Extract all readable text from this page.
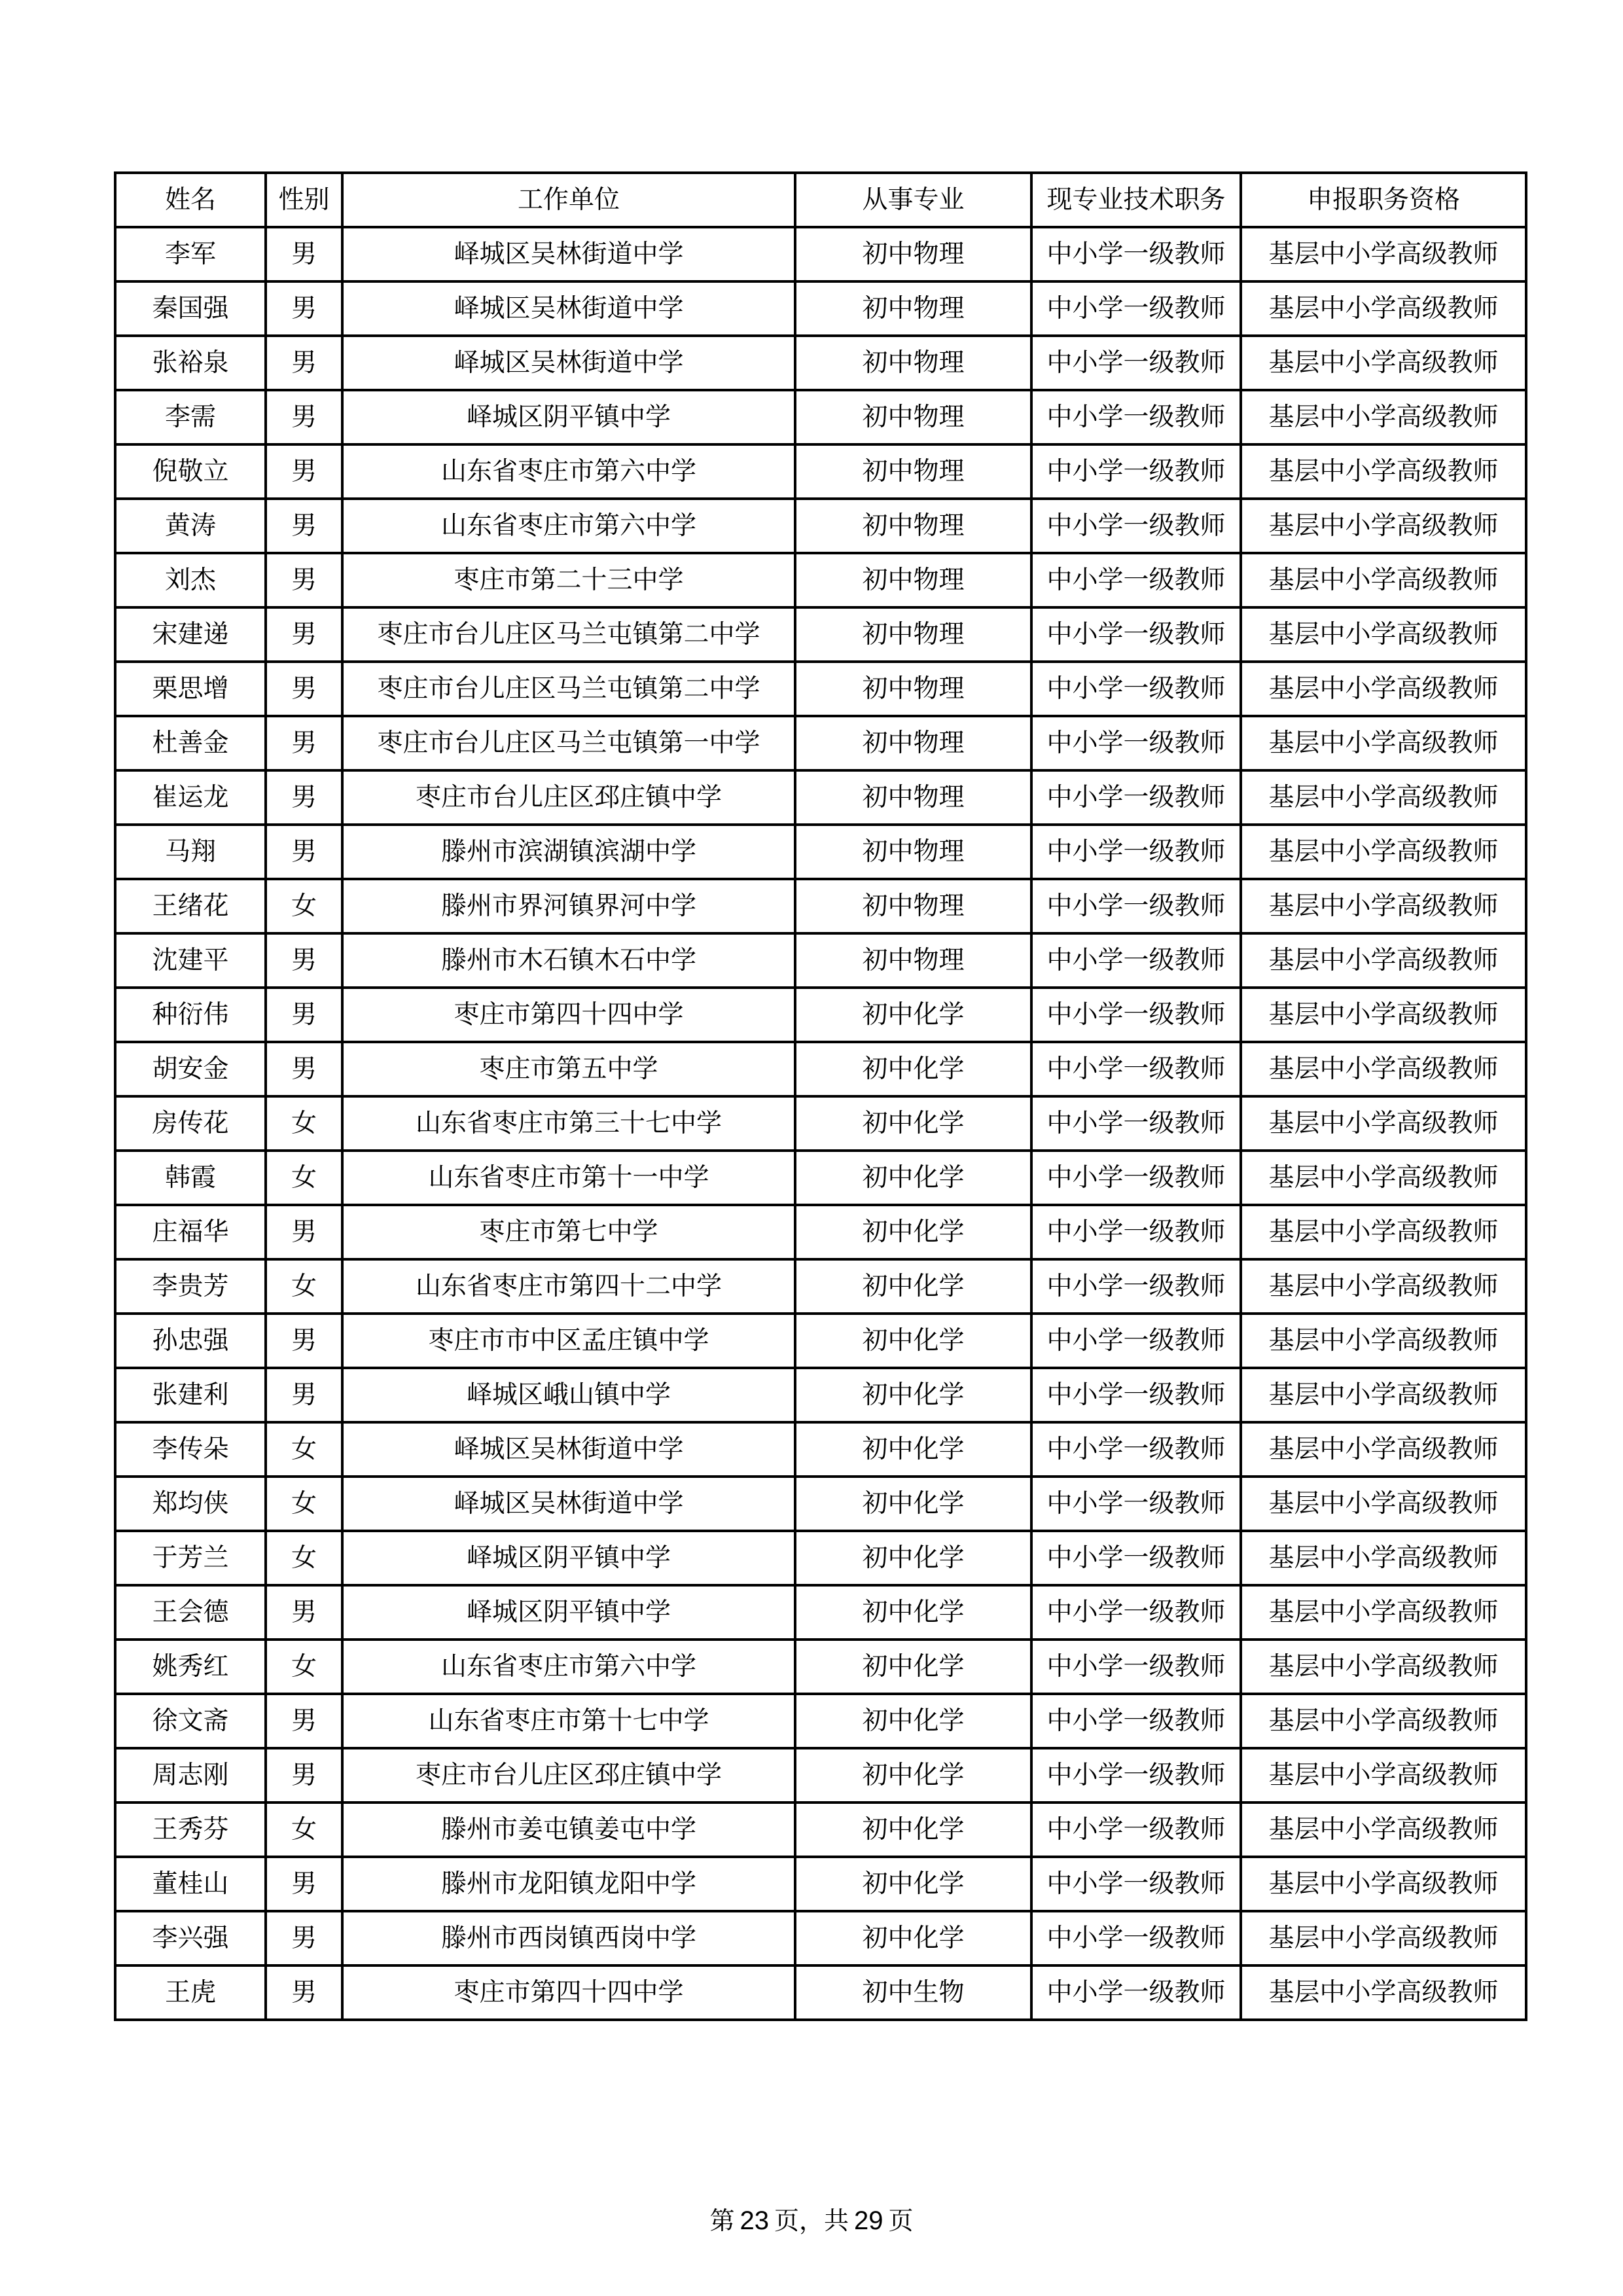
姓名	性别	工作单位	从事专业	现专业技术职务	申报职务资格
李军	男	峄城区吴林街道中学	初中物理	中小学一级教师	基层中小学高级教师
秦国强	男	峄城区吴林街道中学	初中物理	中小学一级教师	基层中小学高级教师
张裕泉	男	峄城区吴林街道中学	初中物理	中小学一级教师	基层中小学高级教师
李需	男	峄城区阴平镇中学	初中物理	中小学一级教师	基层中小学高级教师
倪敬立	男	山东省枣庄市第六中学	初中物理	中小学一级教师	基层中小学高级教师
黄涛	男	山东省枣庄市第六中学	初中物理	中小学一级教师	基层中小学高级教师
刘杰	男	枣庄市第二十三中学	初中物理	中小学一级教师	基层中小学高级教师
宋建递	男	枣庄市台儿庄区马兰屯镇第二中学	初中物理	中小学一级教师	基层中小学高级教师
栗思增	男	枣庄市台儿庄区马兰屯镇第二中学	初中物理	中小学一级教师	基层中小学高级教师
杜善金	男	枣庄市台儿庄区马兰屯镇第一中学	初中物理	中小学一级教师	基层中小学高级教师
崔运龙	男	枣庄市台儿庄区邳庄镇中学	初中物理	中小学一级教师	基层中小学高级教师
马翔	男	滕州市滨湖镇滨湖中学	初中物理	中小学一级教师	基层中小学高级教师
王绪花	女	滕州市界河镇界河中学	初中物理	中小学一级教师	基层中小学高级教师
沈建平	男	滕州市木石镇木石中学	初中物理	中小学一级教师	基层中小学高级教师
种衍伟	男	枣庄市第四十四中学	初中化学	中小学一级教师	基层中小学高级教师
胡安金	男	枣庄市第五中学	初中化学	中小学一级教师	基层中小学高级教师
房传花	女	山东省枣庄市第三十七中学	初中化学	中小学一级教师	基层中小学高级教师
韩霞	女	山东省枣庄市第十一中学	初中化学	中小学一级教师	基层中小学高级教师
庄福华	男	枣庄市第七中学	初中化学	中小学一级教师	基层中小学高级教师
李贵芳	女	山东省枣庄市第四十二中学	初中化学	中小学一级教师	基层中小学高级教师
孙忠强	男	枣庄市市中区孟庄镇中学	初中化学	中小学一级教师	基层中小学高级教师
张建利	男	峄城区峨山镇中学	初中化学	中小学一级教师	基层中小学高级教师
李传朵	女	峄城区吴林街道中学	初中化学	中小学一级教师	基层中小学高级教师
郑均侠	女	峄城区吴林街道中学	初中化学	中小学一级教师	基层中小学高级教师
于芳兰	女	峄城区阴平镇中学	初中化学	中小学一级教师	基层中小学高级教师
王会德	男	峄城区阴平镇中学	初中化学	中小学一级教师	基层中小学高级教师
姚秀红	女	山东省枣庄市第六中学	初中化学	中小学一级教师	基层中小学高级教师
徐文斋	男	山东省枣庄市第十七中学	初中化学	中小学一级教师	基层中小学高级教师
周志刚	男	枣庄市台儿庄区邳庄镇中学	初中化学	中小学一级教师	基层中小学高级教师
王秀芬	女	滕州市姜屯镇姜屯中学	初中化学	中小学一级教师	基层中小学高级教师
董桂山	男	滕州市龙阳镇龙阳中学	初中化学	中小学一级教师	基层中小学高级教师
李兴强	男	滕州市西岗镇西岗中学	初中化学	中小学一级教师	基层中小学高级教师
王虎	男	枣庄市第四十四中学	初中生物	中小学一级教师	基层中小学高级教师
第 23 页，共 29 页
